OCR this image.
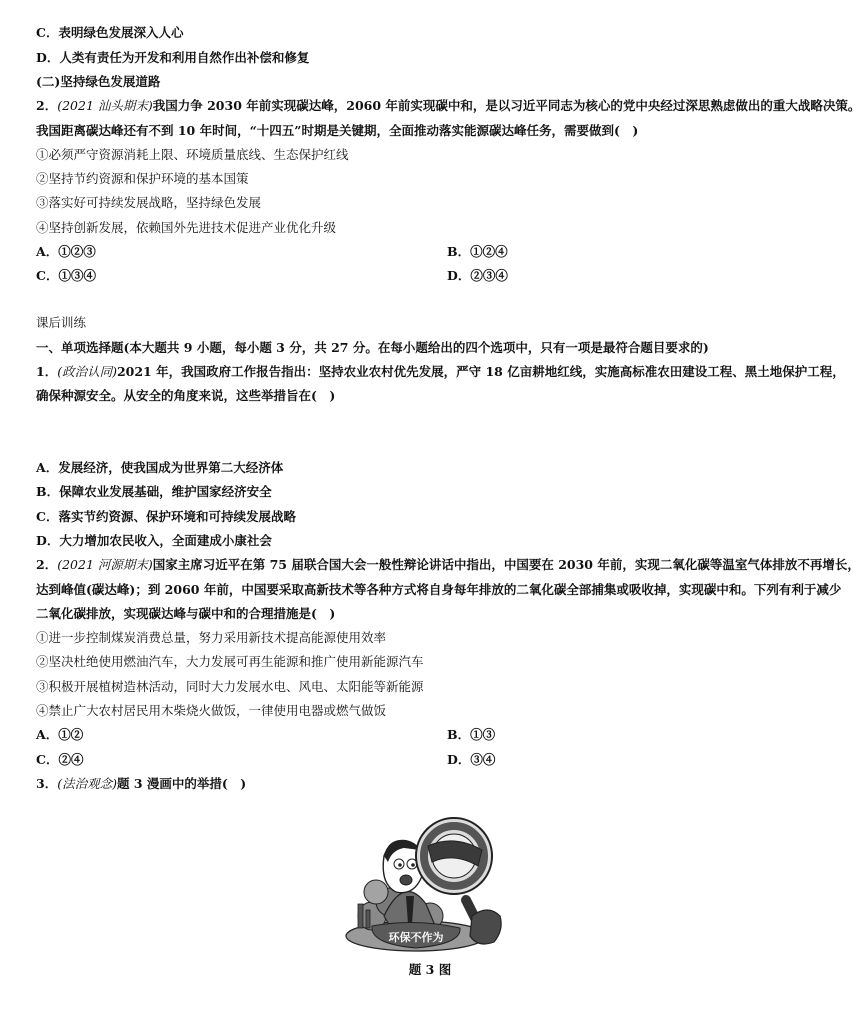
C．表明绿色发展深入人心
D．人类有责任为开发和利用自然作出补偿和修复
(二)坚持绿色发展道路
2．(2021 汕头期末)我国力争 2030 年前实现碳达峰，2060 年前实现碳中和，是以习近平同志为核心的党中央经过深思熟虑做出的重大战略决策。
我国距离碳达峰还有不到 10 年时间，“十四五”时期是关键期，全面推动落实能源碳达峰任务，需要做到(　)
①必须严守资源消耗上限、环境质量底线、生态保护红线
②坚持节约资源和保护环境的基本国策
③落实好可持续发展战略，坚持绿色发展
④坚持创新发展，依赖国外先进技术促进产业优化升级
A．①②③	B．①②④
C．①③④	D．②③④
课后训练
一、单项选择题(本大题共 9 小题，每小题 3 分，共 27 分。在每小题给出的四个选项中，只有一项是最符合题目要求的)
1．(政治认同)2021 年，我国政府工作报告指出：坚持农业农村优先发展，严守 18 亿亩耕地红线，实施高标准农田建设工程、黑土地保护工程，
确保种源安全。从安全的角度来说，这些举措旨在(　)
A．发展经济，使我国成为世界第二大经济体
B．保障农业发展基础，维护国家经济安全
C．落实节约资源、保护环境和可持续发展战略
D．大力增加农民收入，全面建成小康社会
2．(2021 河源期末)国家主席习近平在第 75 届联合国大会一般性辩论讲话中指出，中国要在 2030 年前，实现二氧化碳等温室气体排放不再增长，
达到峰值(碳达峰)；到 2060 年前，中国要采取高新技术等各种方式将自身每年排放的二氧化碳全部捕集或吸收掉，实现碳中和。下列有利于减少
二氧化碳排放，实现碳达峰与碳中和的合理措施是(　)
①进一步控制煤炭消费总量，努力采用新技术提高能源使用效率
②坚决杜绝使用燃油汽车，大力发展可再生能源和推广使用新能源汽车
③积极开展植树造林活动，同时大力发展水电、风电、太阳能等新能源
④禁止广大农村居民用木柴烧火做饭，一律使用电器或燃气做饭
A．①②	B．①③
C．②④	D．③④
3．(法治观念)题 3 漫画中的举措(　)
环保不作为
题 3 图
